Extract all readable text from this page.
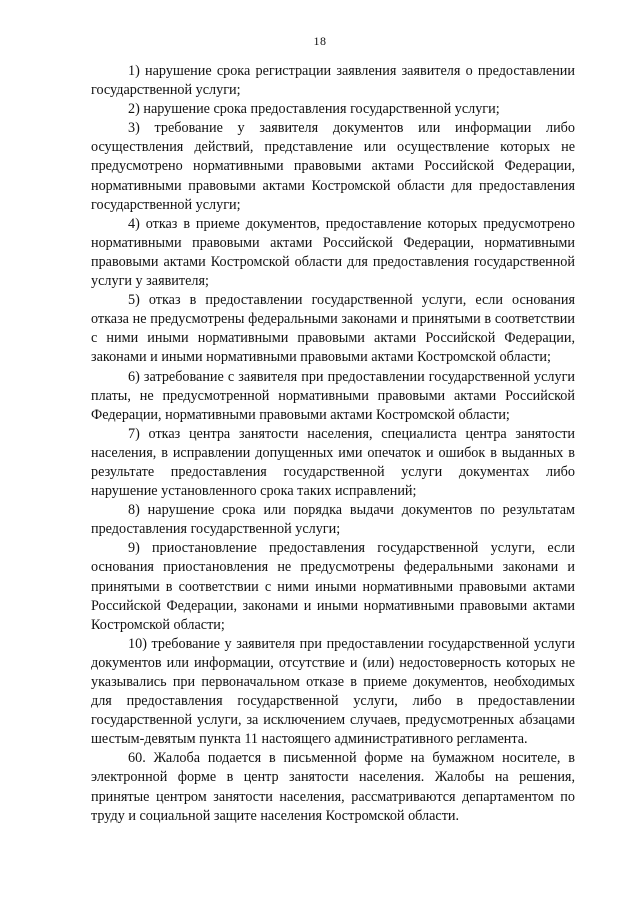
18

1) нарушение срока регистрации заявления заявителя о предоставлении государственной услуги;

2) нарушение срока предоставления государственной услуги;

3) требование у заявителя документов или информации либо осуществления действий, представление или осуществление которых не предусмотрено нормативными правовыми актами Российской Федерации, нормативными правовыми актами Костромской области для предоставления государственной услуги;

4) отказ в приеме документов, предоставление которых предусмотрено нормативными правовыми актами Российской Федерации, нормативными правовыми актами Костромской области для предоставления государственной услуги у заявителя;

5) отказ в предоставлении государственной услуги, если основания отказа не предусмотрены федеральными законами и принятыми в соответствии с ними иными нормативными правовыми актами Российской Федерации, законами и иными нормативными правовыми актами Костромской области;

6) затребование с заявителя при предоставлении государственной услуги платы, не предусмотренной нормативными правовыми актами Российской Федерации, нормативными правовыми актами Костромской области;

7) отказ центра занятости населения, специалиста центра занятости населения, в исправлении допущенных ими опечаток и ошибок в выданных в результате предоставления государственной услуги документах либо нарушение установленного срока таких исправлений;

8) нарушение срока или порядка выдачи документов по результатам предоставления государственной услуги;

9) приостановление предоставления государственной услуги, если основания приостановления не предусмотрены федеральными законами и принятыми в соответствии с ними иными нормативными правовыми актами Российской Федерации, законами и иными нормативными правовыми актами Костромской области;

10) требование у заявителя при предоставлении государственной услуги документов или информации, отсутствие и (или) недостоверность которых не указывались при первоначальном отказе в приеме документов, необходимых для предоставления государственной услуги, либо в предоставлении государственной услуги, за исключением случаев, предусмотренных абзацами шестым-девятым пункта 11 настоящего административного регламента.

60. Жалоба подается в письменной форме на бумажном носителе, в электронной форме в центр занятости населения. Жалобы на решения, принятые центром занятости населения, рассматриваются департаментом по труду и социальной защите населения Костромской области.
